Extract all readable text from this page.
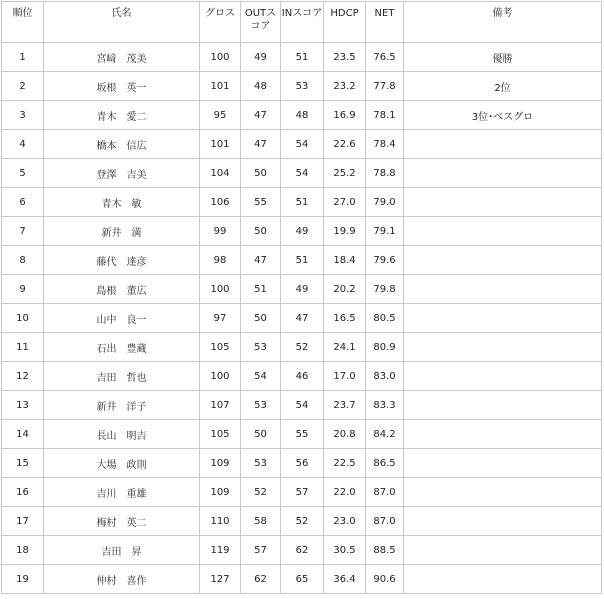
順位	氏名	グロス	OUTスコア	INスコア	HDCP	NET	備考
1	宮﨑　茂美	100	49	51	23.5	76.5	優勝
2	坂根　英一	101	48	53	23.2	77.8	2位
3	青木　愛二	95	47	48	16.9	78.1	3位･ベスグロ
4	橋本　信広	101	47	54	22.6	78.4	
5	登澤　吉美	104	50	54	25.2	78.8	
6	青木　敏	106	55	51	27.0	79.0	
7	新井　満	99	50	49	19.9	79.1	
8	藤代　達彦	98	47	51	18.4	79.6	
9	島根　董広	100	51	49	20.2	79.8	
10	山中　良一	97	50	47	16.5	80.5	
11	石出　豊蔵	105	53	52	24.1	80.9	
12	吉田　哲也	100	54	46	17.0	83.0	
13	新井　洋子	107	53	54	23.7	83.3	
14	長山　明吉	105	50	55	20.8	84.2	
15	大場　政則	109	53	56	22.5	86.5	
16	吉川　重雄	109	52	57	22.0	87.0	
17	梅村　英二	110	58	52	23.0	87.0	
18	吉田　昇	119	57	62	30.5	88.5	
19	仲村　喜作	127	62	65	36.4	90.6	
